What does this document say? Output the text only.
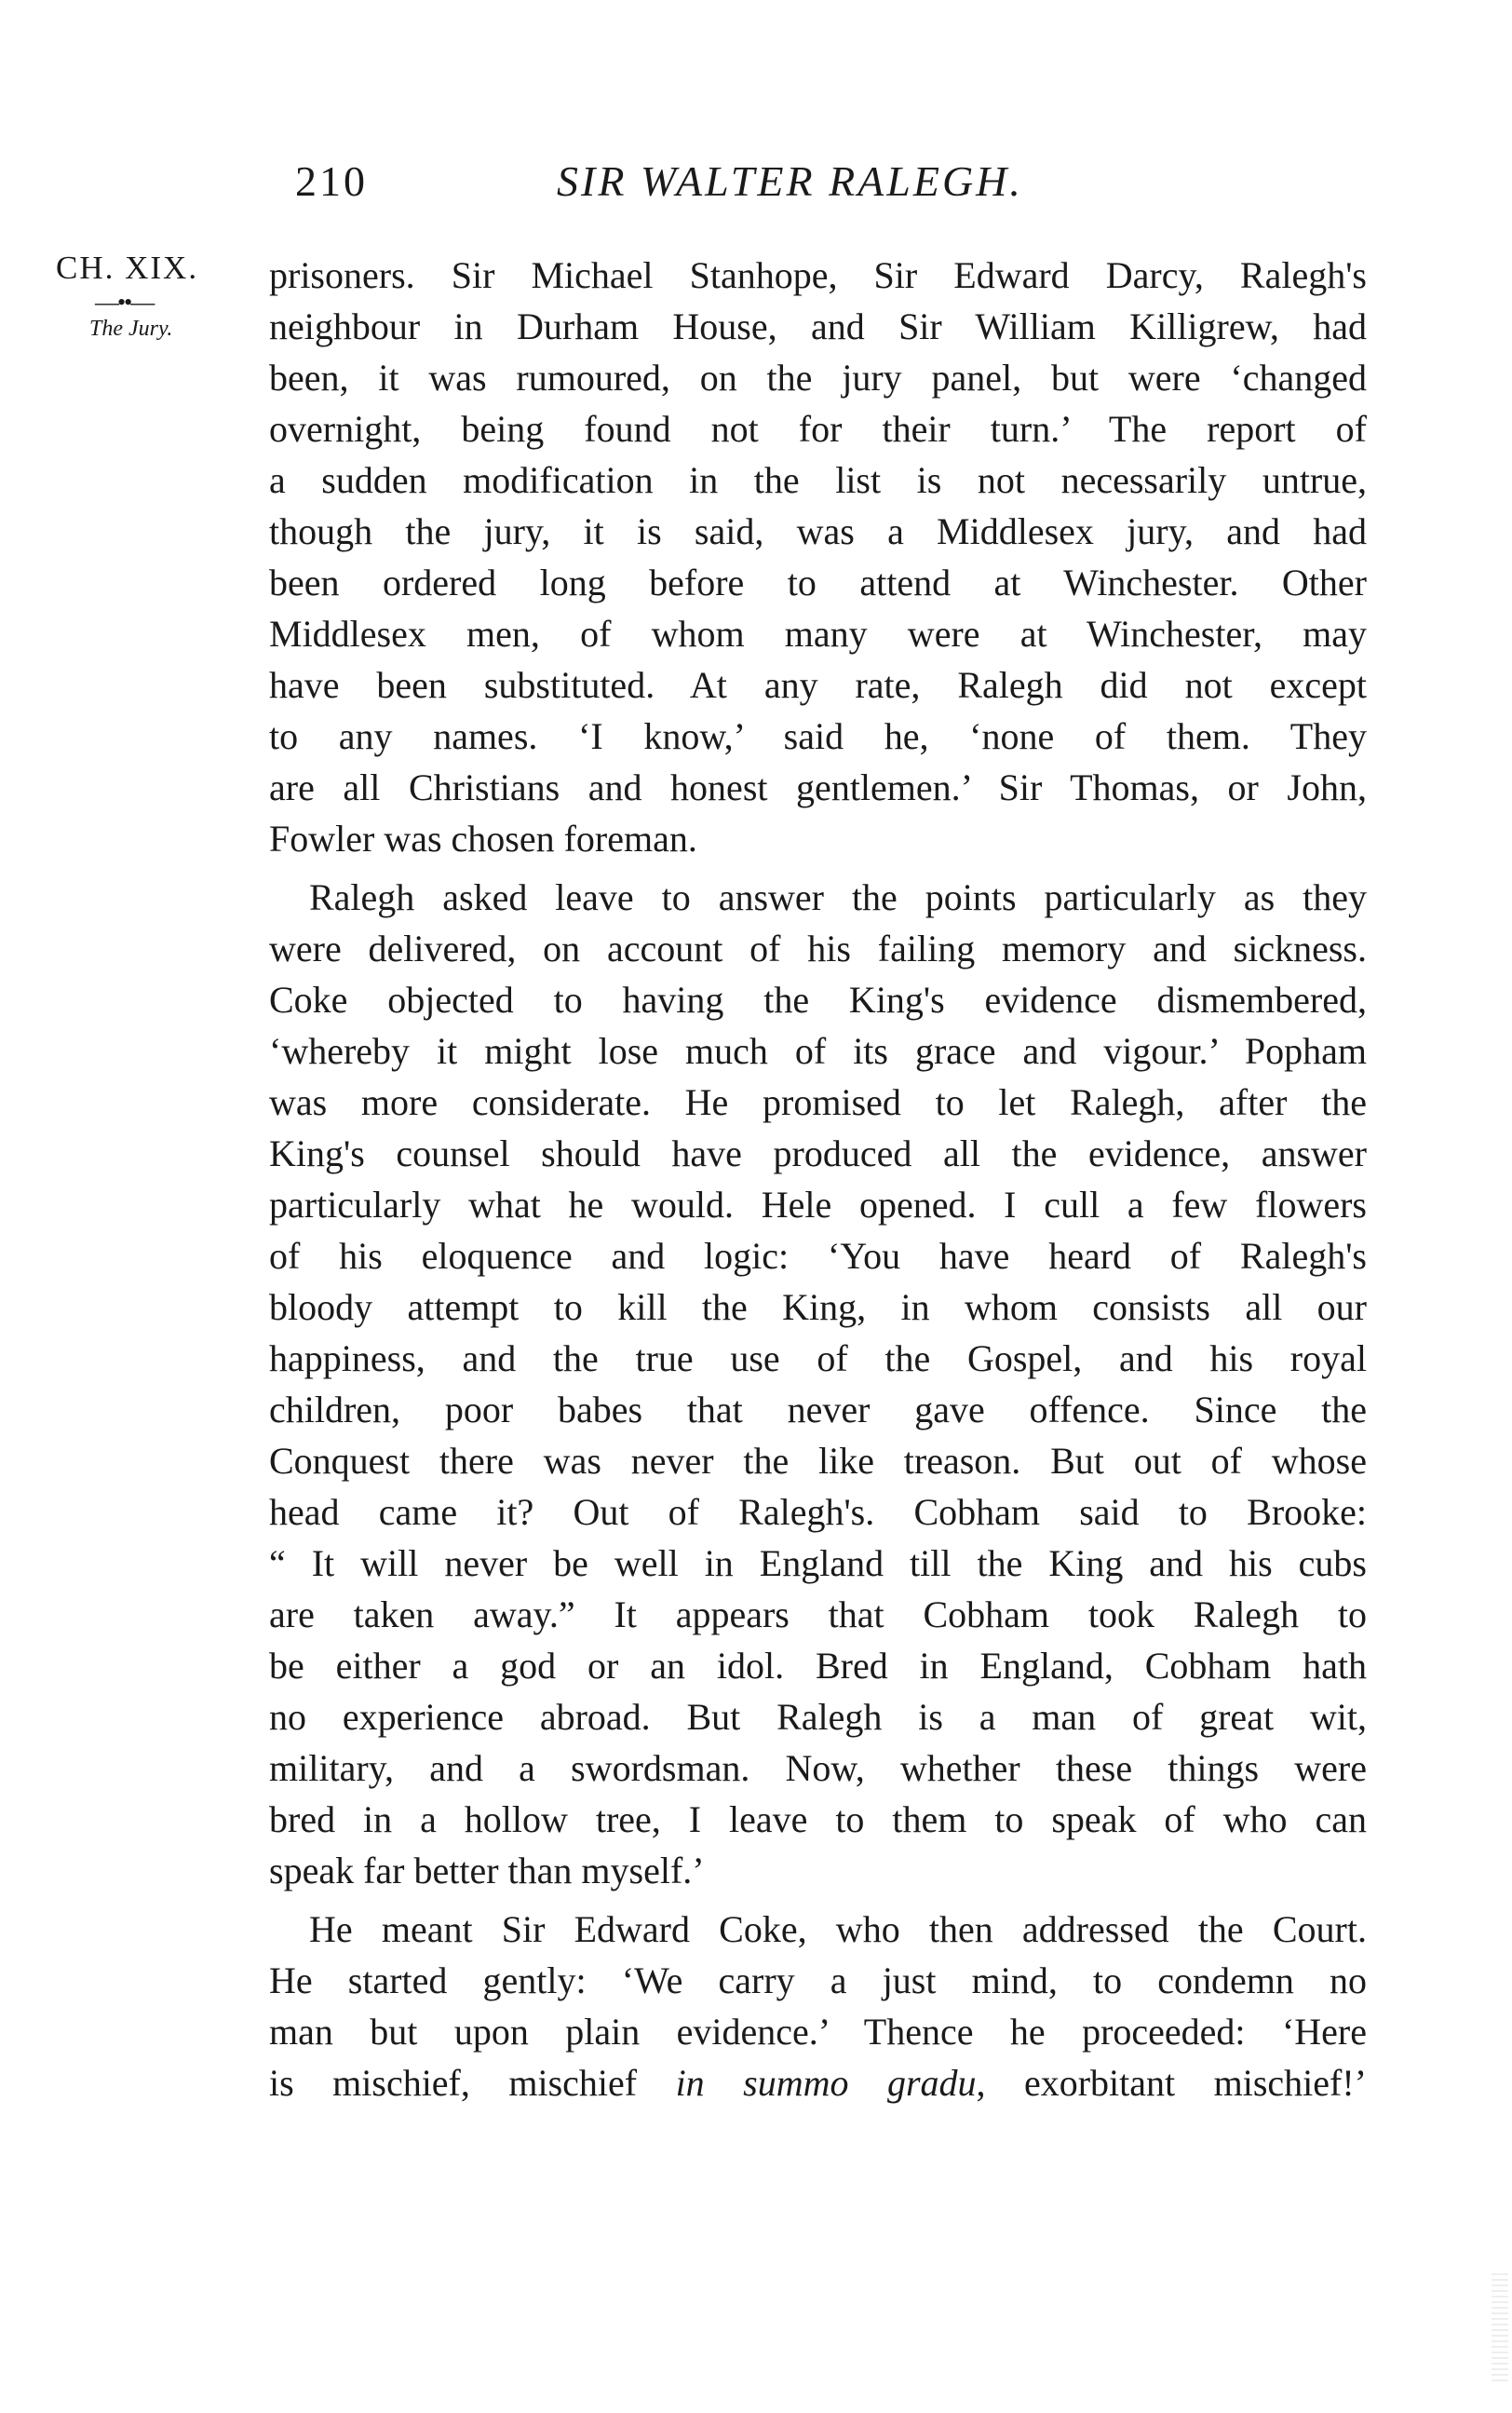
210	SIR WALTER RALEGH.
CH. XIX.
—••—
The Jury.
prisoners. Sir Michael Stanhope, Sir Edward Darcy, Ralegh's
neighbour in Durham House, and Sir William Killigrew, had
been, it was rumoured, on the jury panel, but were ‘changed
overnight, being found not for their turn.’ The report of
a sudden modification in the list is not necessarily untrue,
though the jury, it is said, was a Middlesex jury, and had
been ordered long before to attend at Winchester. Other
Middlesex men, of whom many were at Winchester, may
have been substituted. At any rate, Ralegh did not except
to any names. ‘I know,’ said he, ‘none of them. They
are all Christians and honest gentlemen.’ Sir Thomas, or John,
Fowler was chosen foreman.
Ralegh asked leave to answer the points particularly as they
were delivered, on account of his failing memory and sickness.
Coke objected to having the King's evidence dismembered,
‘whereby it might lose much of its grace and vigour.’ Popham
was more considerate. He promised to let Ralegh, after the
King's counsel should have produced all the evidence, answer
particularly what he would. Hele opened. I cull a few flowers
of his eloquence and logic: ‘You have heard of Ralegh's
bloody attempt to kill the King, in whom consists all our
happiness, and the true use of the Gospel, and his royal
children, poor babes that never gave offence. Since the
Conquest there was never the like treason. But out of whose
head came it? Out of Ralegh's. Cobham said to Brooke:
“ It will never be well in England till the King and his cubs
are taken away.” It appears that Cobham took Ralegh to
be either a god or an idol. Bred in England, Cobham hath
no experience abroad. But Ralegh is a man of great wit,
military, and a swordsman. Now, whether these things were
bred in a hollow tree, I leave to them to speak of who can
speak far better than myself.’
He meant Sir Edward Coke, who then addressed the Court.
He started gently: ‘We carry a just mind, to condemn no
man but upon plain evidence.’ Thence he proceeded: ‘Here
is mischief, mischief in summo gradu, exorbitant mischief!’
